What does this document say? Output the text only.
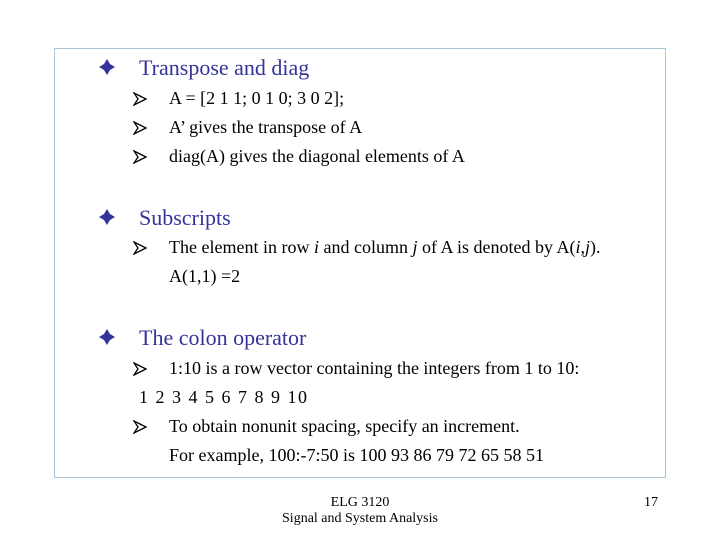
Transpose and diag
A = [2 1 1; 0 1 0; 3 0 2];
A’ gives the transpose of A
diag(A) gives the diagonal elements of A
Subscripts
The element in row i and column j of A is denoted by A(i,j).
A(1,1) =2
The colon operator
1:10 is a row vector containing the integers from 1 to 10:
1 2 3 4 5 6 7 8 9 10
To obtain nonunit spacing, specify an increment.
For example, 100:-7:50 is 100 93 86 79 72 65 58 51
ELG 3120
Signal and System Analysis
17
